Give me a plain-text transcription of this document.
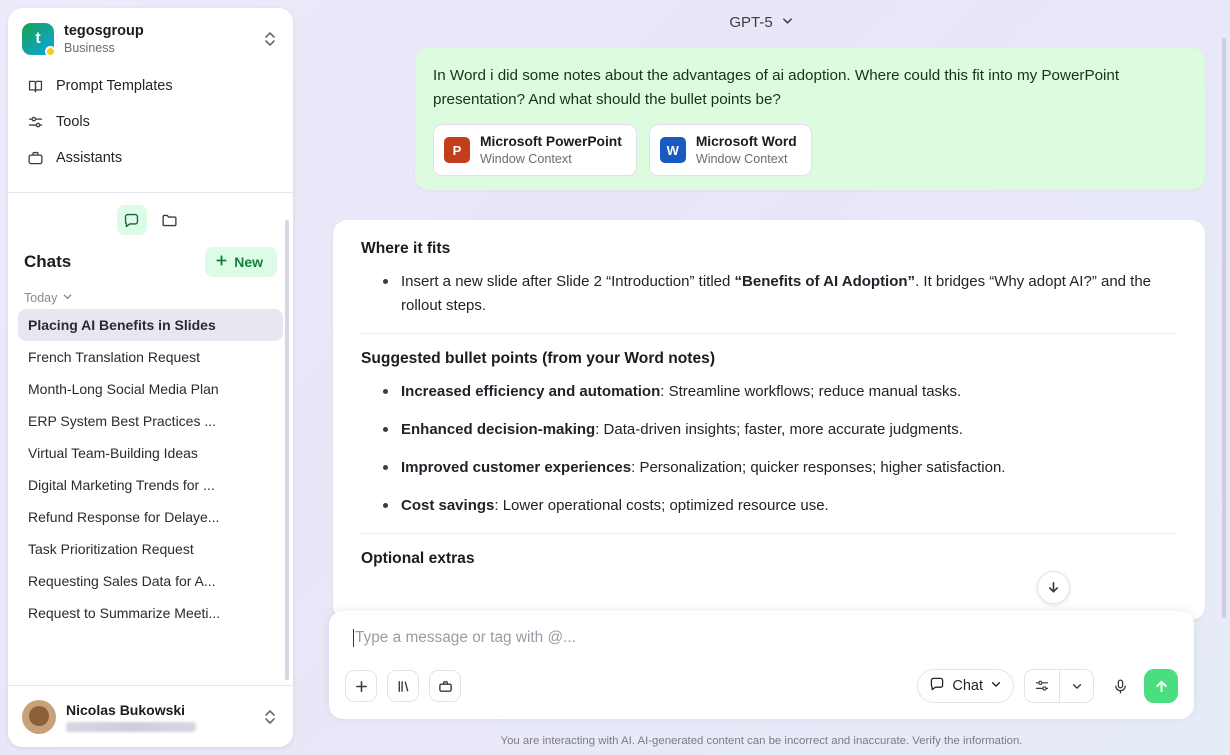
t tegosgroup
Business
Prompt Templates
Tools
Assistants
Chats	New
Today
Placing AI Benefits in Slides
French Translation Request
Month-Long Social Media Plan
ERP System Best Practices ...
Virtual Team-Building Ideas
Digital Marketing Trends for ...
Refund Response for Delaye...
Task Prioritization Request
Requesting Sales Data for A...
Request to Summarize Meeti...
Nicolas Bukowski
GPT-5
In Word i did some notes about the advantages of ai adoption. Where could this fit into my PowerPoint presentation? And what should the bullet points be?
P
Microsoft PowerPoint
Window Context
W
Microsoft Word
Window Context
Where it fits
Insert a new slide after Slide 2 “Introduction” titled “Benefits of AI Adoption”. It bridges “Why adopt AI?” and the rollout steps.
Suggested bullet points (from your Word notes)
Increased efficiency and automation: Streamline workflows; reduce manual tasks.
Enhanced decision-making: Data-driven insights; faster, more accurate judgments.
Improved customer experiences: Personalization; quicker responses; higher satisfaction.
Cost savings: Lower operational costs; optimized resource use.
Optional extras
Type a message or tag with @...
Chat
You are interacting with AI. AI-generated content can be incorrect and inaccurate. Verify the information.
